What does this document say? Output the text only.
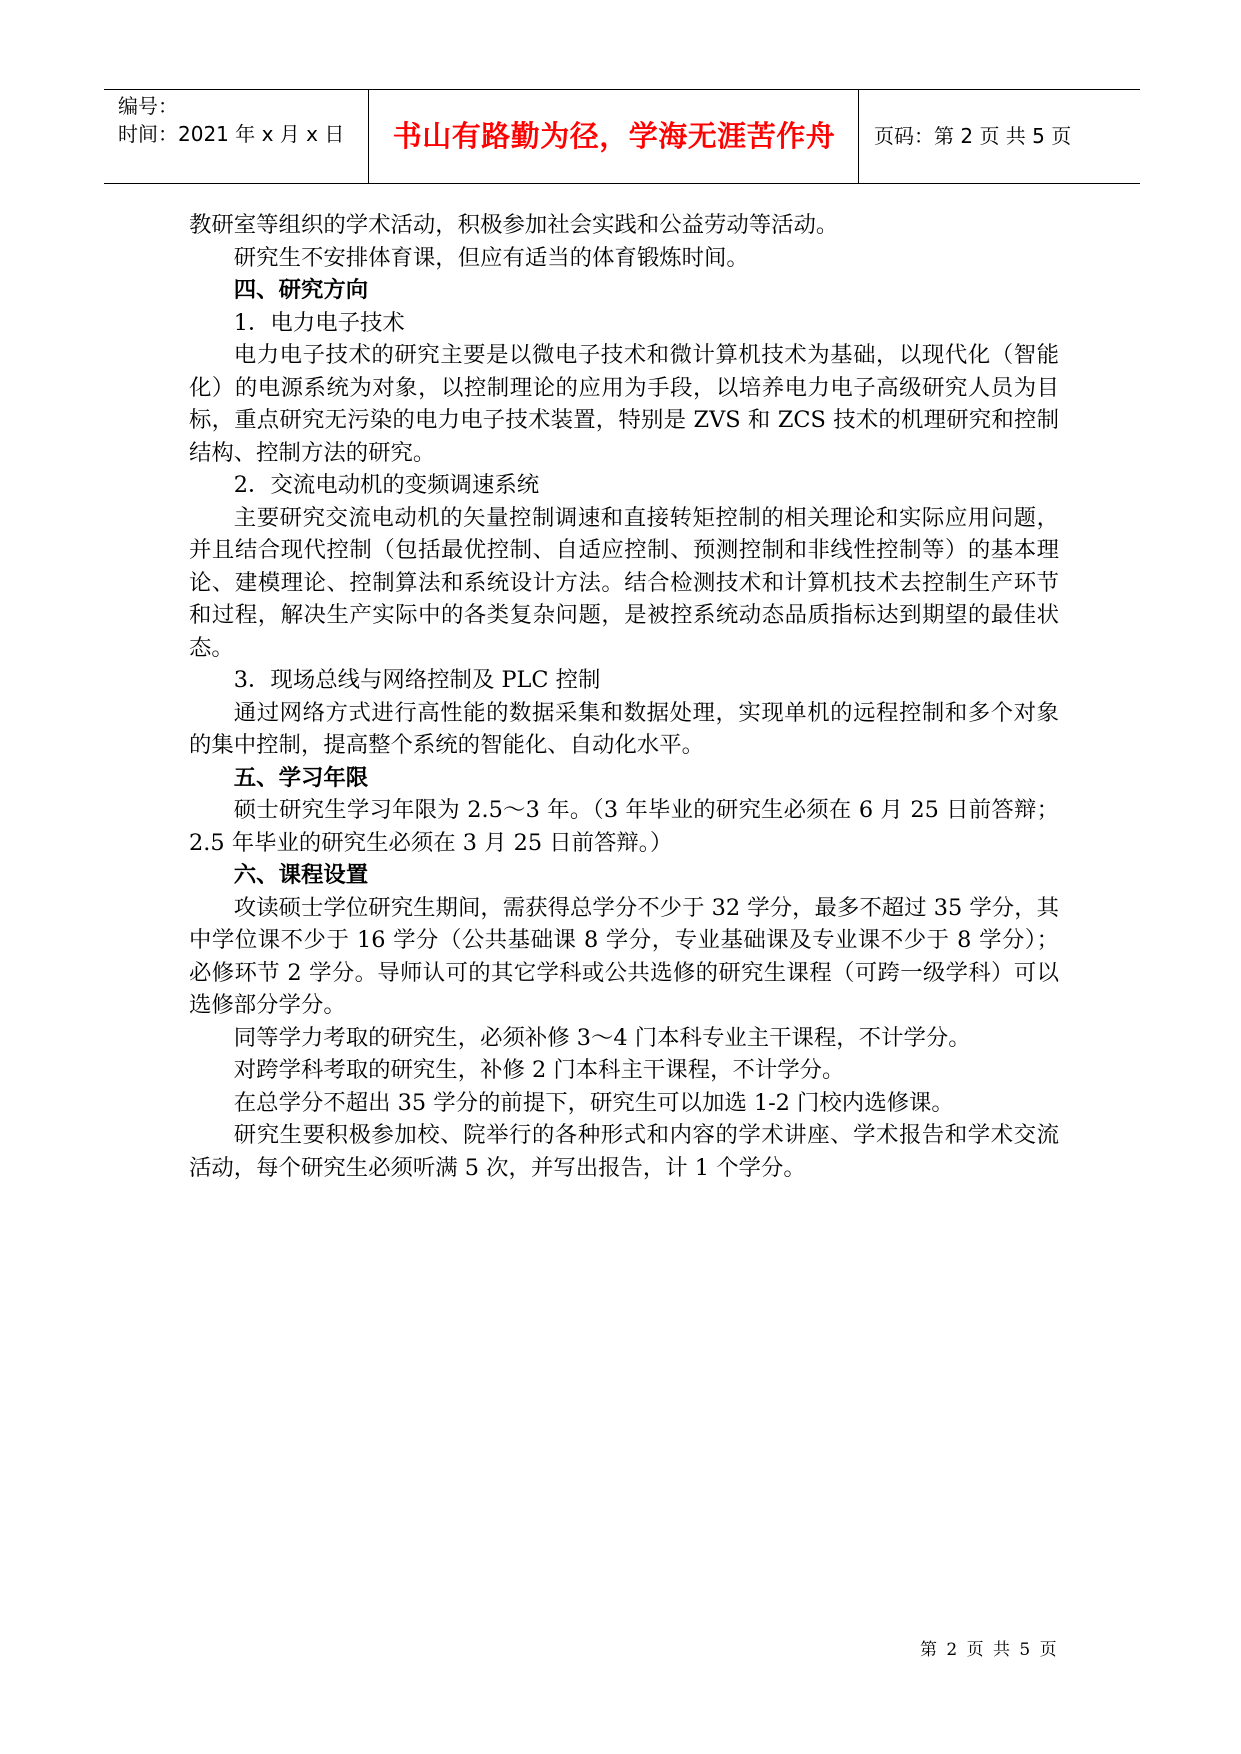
编号：
时间：2021 年 x 月 x 日	书山有路勤为径，学海无涯苦作舟	页码：第 2 页 共 5 页

教研室等组织的学术活动，积极参加社会实践和公益劳动等活动。

研究生不安排体育课，但应有适当的体育锻炼时间。

四、研究方向

1．电力电子技术

电力电子技术的研究主要是以微电子技术和微计算机技术为基础，以现代化（智能化）的电源系统为对象，以控制理论的应用为手段，以培养电力电子高级研究人员为目标，重点研究无污染的电力电子技术装置，特别是 ZVS 和 ZCS 技术的机理研究和控制结构、控制方法的研究。

2．交流电动机的变频调速系统

主要研究交流电动机的矢量控制调速和直接转矩控制的相关理论和实际应用问题，并且结合现代控制（包括最优控制、自适应控制、预测控制和非线性控制等）的基本理论、建模理论、控制算法和系统设计方法。结合检测技术和计算机技术去控制生产环节和过程，解决生产实际中的各类复杂问题，是被控系统动态品质指标达到期望的最佳状态。

3．现场总线与网络控制及 PLC 控制

通过网络方式进行高性能的数据采集和数据处理，实现单机的远程控制和多个对象的集中控制，提高整个系统的智能化、自动化水平。

五、学习年限

硕士研究生学习年限为 2.5～3 年。（3 年毕业的研究生必须在 6 月 25 日前答辩；2.5 年毕业的研究生必须在 3 月 25 日前答辩。）

六、课程设置

攻读硕士学位研究生期间，需获得总学分不少于 32 学分，最多不超过 35 学分，其中学位课不少于 16 学分（公共基础课 8 学分，专业基础课及专业课不少于 8 学分）；必修环节 2 学分。导师认可的其它学科或公共选修的研究生课程（可跨一级学科）可以选修部分学分。

同等学力考取的研究生，必须补修 3～4 门本科专业主干课程，不计学分。

对跨学科考取的研究生，补修 2 门本科主干课程，不计学分。

在总学分不超出 35 学分的前提下，研究生可以加选 1-2 门校内选修课。

研究生要积极参加校、院举行的各种形式和内容的学术讲座、学术报告和学术交流活动，每个研究生必须听满 5 次，并写出报告，计 1 个学分。

第 2 页 共 5 页
